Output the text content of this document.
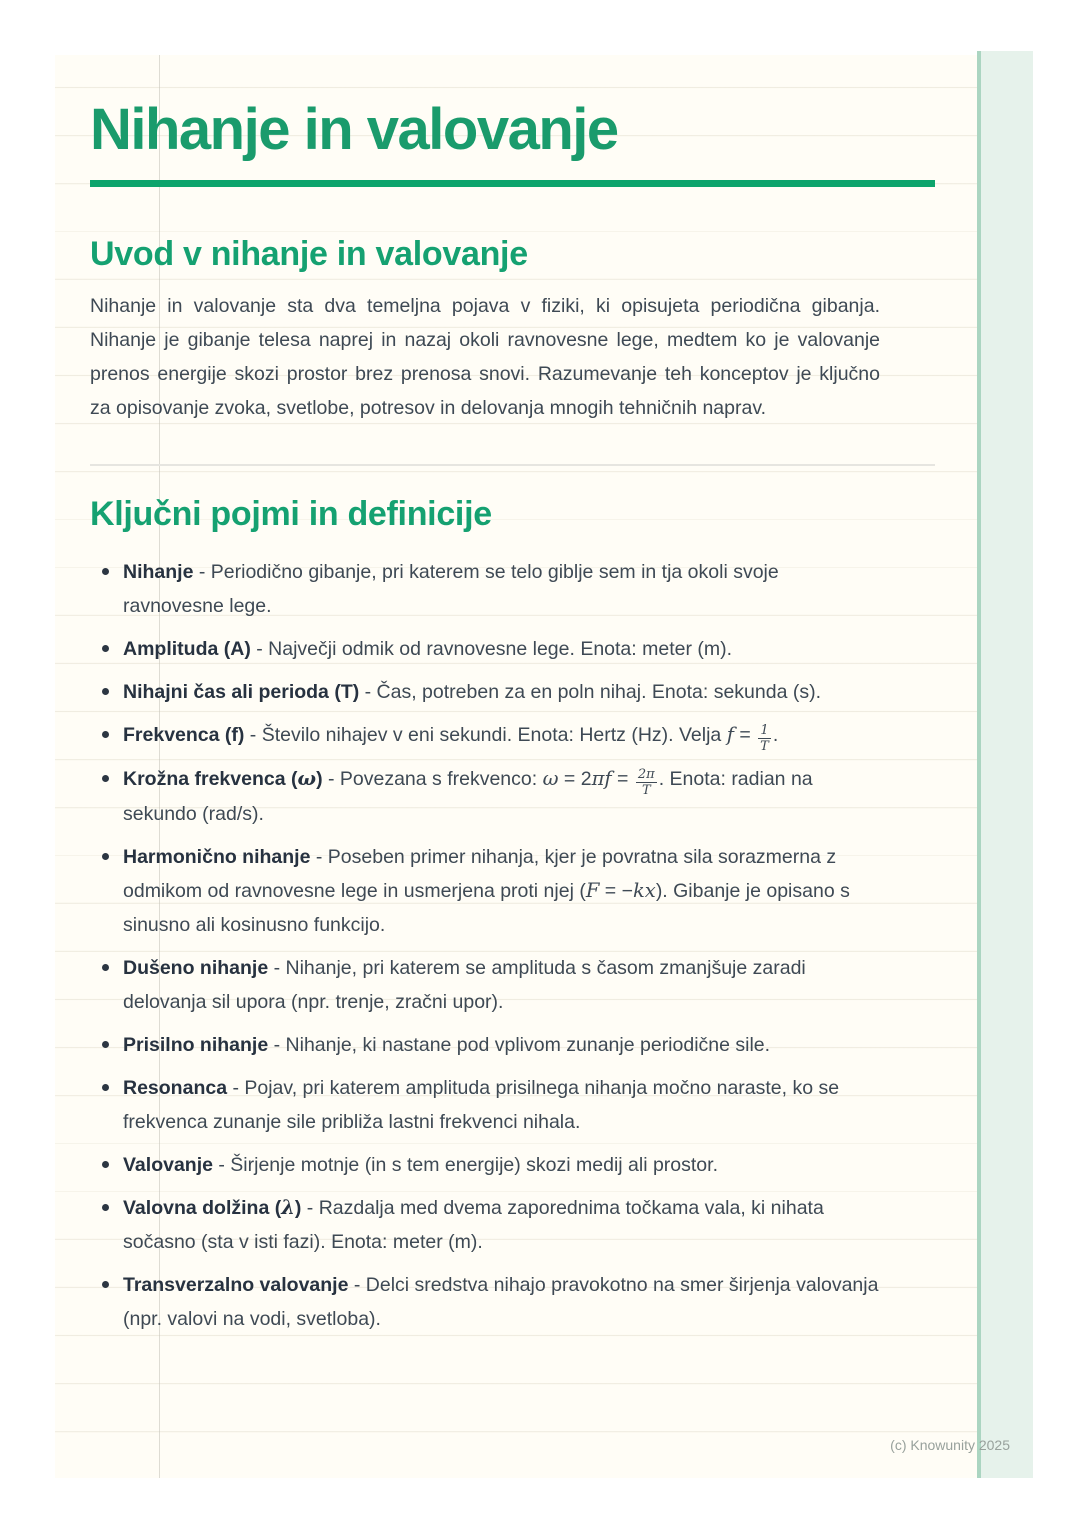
Nihanje in valovanje
Uvod v nihanje in valovanje

Nihanje in valovanje sta dva temeljna pojava v fiziki, ki opisujeta periodična gibanja. Nihanje je gibanje telesa naprej in nazaj okoli ravnovesne lege, medtem ko je valovanje prenos energije skozi prostor brez prenosa snovi. Razumevanje teh konceptov je ključno za opisovanje zvoka, svetlobe, potresov in delovanja mnogih tehničnih naprav.

Ključni pojmi in definicije
Nihanje - Periodično gibanje, pri katerem se telo giblje sem in tja okoli svoje ravnovesne lege.
Amplituda (A) - Največji odmik od ravnovesne lege. Enota: meter (m).
Nihajni čas ali perioda (T) - Čas, potreben za en poln nihaj. Enota: sekunda (s).
Frekvenca (f) - Število nihajev v eni sekundi. Enota: Hertz (Hz). Velja $f = \frac{1}{T}$ .
Krožna frekvenca (ω) - Povezana s frekvenco: $\omega = 2\pi f = \frac{2\pi}{T}$ . Enota: radian na sekundo (rad/s).
Harmonično nihanje - Poseben primer nihanja, kjer je povratna sila sorazmerna z odmikom od ravnovesne lege in usmerjena proti njej (F = −kx). Gibanje je opisano s sinusno ali kosinusno funkcijo.
Dušeno nihanje - Nihanje, pri katerem se amplituda s časom zmanjšuje zaradi delovanja sil upora (npr. trenje, zračni upor).
Prisilno nihanje - Nihanje, ki nastane pod vplivom zunanje periodične sile.
Resonanca - Pojav, pri katerem amplituda prisilnega nihanja močno naraste, ko se frekvenca zunanje sile približa lastni frekvenci nihala.
Valovanje - Širjenje motnje (in s tem energije) skozi medij ali prostor.
Valovna dolžina (λ) - Razdalja med dvema zaporednima točkama vala, ki nihata sočasno (sta v isti fazi). Enota: meter (m).
Transverzalno valovanje - Delci sredstva nihajo pravokotno na smer širjenja valovanja (npr. valovi na vodi, svetloba).
(c) Knowunity 2025
